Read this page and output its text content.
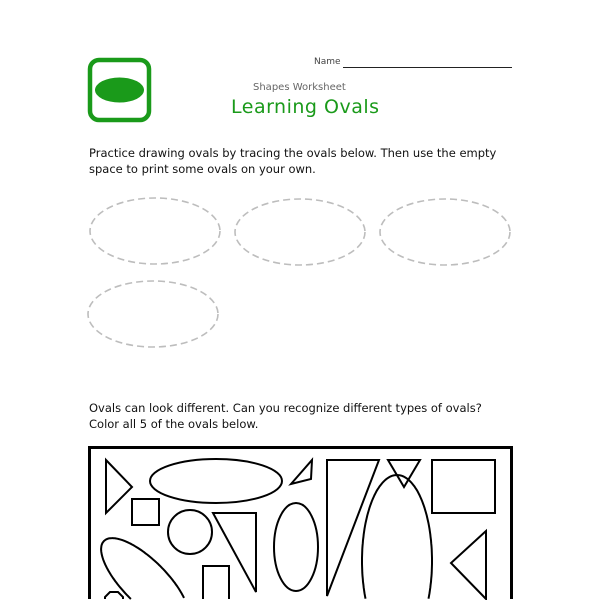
Name
Shapes Worksheet
Learning Ovals
Practice drawing ovals by tracing the ovals below. Then use the empty
space to print some ovals on your own.
Ovals can look different. Can you recognize different types of ovals?
Color all 5 of the ovals below.
